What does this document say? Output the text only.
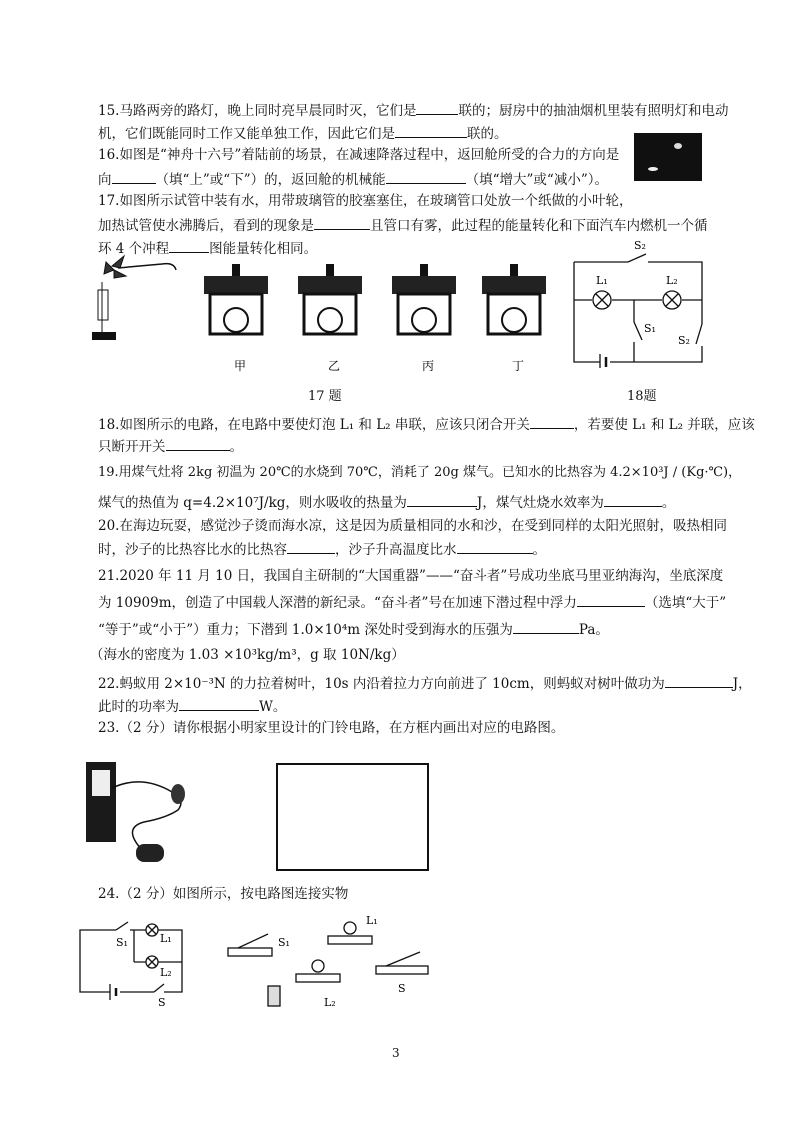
15.马路两旁的路灯，晚上同时亮早晨同时灭，它们是	联的；厨房中的抽油烟机里装有照明灯和电动
机，它们既能同时工作又能单独工作，因此它们是	联的。
16.如图是“神舟十六号”着陆前的场景，在减速降落过程中，返回舱所受的合力的方向是
向	（填“上”或“下”）的，返回舱的机械能	（填“增大”或“减小”）。
17.如图所示试管中装有水，用带玻璃管的胶塞塞住，在玻璃管口处放一个纸做的小叶轮，
加热试管使水沸腾后，看到的现象是	且管口有雾，此过程的能量转化和下面汽车内燃机一个循
环 4 个冲程	图能量转化相同。
甲	乙	丙	丁
S₂
L₁	L₂
S₁
S₂
17 题	18题
18.如图所示的电路，在电路中要使灯泡 L₁ 和 L₂ 串联，应该只闭合开关	，若要使 L₁ 和 L₂ 并联，应该
只断开开关	。
19.用煤气灶将 2kg 初温为 20℃的水烧到 70℃，消耗了 20g 煤气。已知水的比热容为 4.2×10³J / (Kg·℃)，
煤气的热值为 q=4.2×10⁷J/kg，则水吸收的热量为	J，煤气灶烧水效率为	。
20.在海边玩耍，感觉沙子烫而海水凉，这是因为质量相同的水和沙，在受到同样的太阳光照射，吸热相同
时，沙子的比热容比水的比热容	，沙子升高温度比水	。
21.2020 年 11 月 10 日，我国自主研制的“大国重器”——“奋斗者”号成功坐底马里亚纳海沟，坐底深度
为 10909m，创造了中国载人深潜的新纪录。“奋斗者”号在加速下潜过程中浮力	（选填“大于”
“等于”或“小于”）重力；下潜到 1.0×10⁴m 深处时受到海水的压强为	Pa。
（海水的密度为 1.03 ×10³kg/m³，g 取 10N/kg）
22.蚂蚁用 2×10⁻³N 的力拉着树叶，10s 内沿着拉力方向前进了 10cm，则蚂蚁对树叶做功为	J，
此时的功率为	W。
23.（2 分）请你根据小明家里设计的门铃电路，在方框内画出对应的电路图。
24.（2 分）如图所示，按电路图连接实物
S₁	L₁
L₂
S
S₁
L₁
L₂
S
3
